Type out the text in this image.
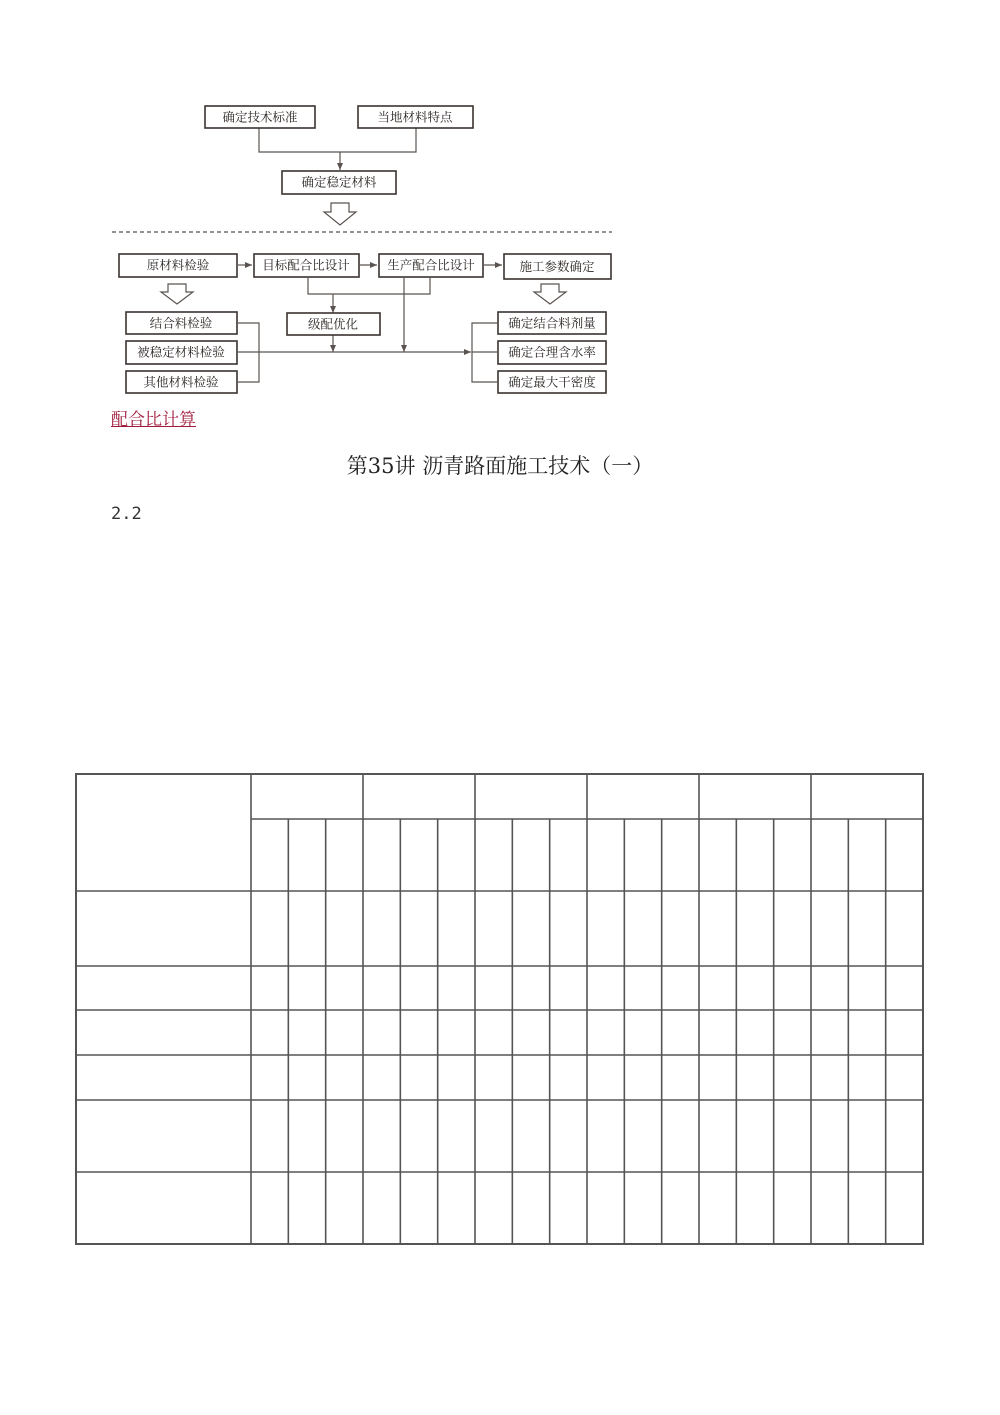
确定技术标准	当地材料特点
确定稳定材料
原材料检验	目标配合比设计	生产配合比设计	施工参数确定
结合料检验
被稳定材料检验
其他材料检验
级配优化	确定结合料剂量
确定合理含水率
确定最大干密度
配合比计算
第35讲 沥青路面施工技术（一）
2.2
